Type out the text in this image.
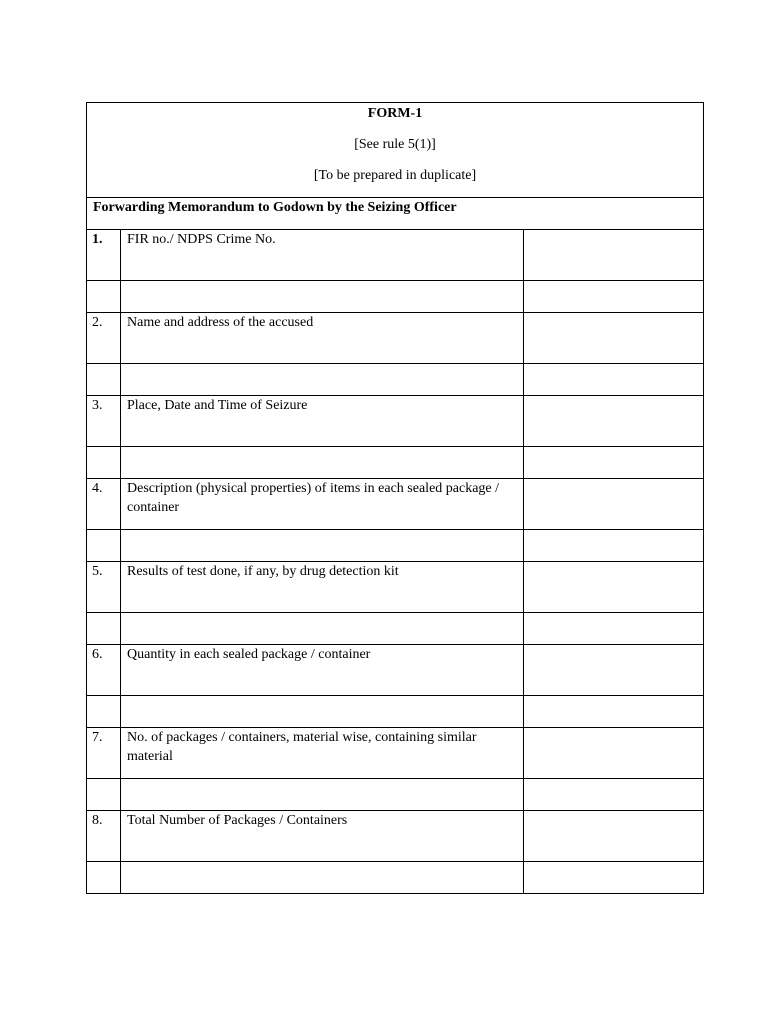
FORM-1
[See rule 5(1)]
[To be prepared in duplicate]		

Forwarding Memorandum to Godown by the Seizing Officer		

1.	FIR no./ NDPS Crime No.	

2.	Name and address of the accused	

3.	Place, Date and Time of Seizure	

4.	Description (physical properties) of items in each sealed package / container	

5.	Results of test done, if any, by drug detection kit	

6.	Quantity in each sealed package / container	

7.	No. of packages / containers, material wise, containing similar material	

8.	Total Number of Packages / Containers	
